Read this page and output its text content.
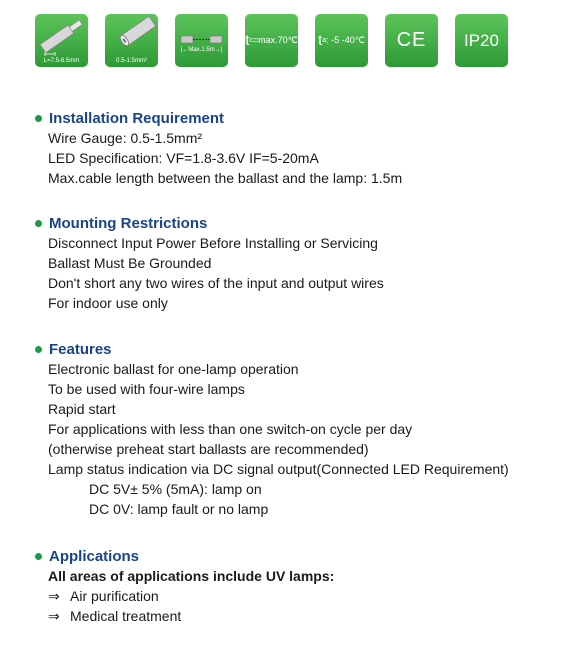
L=7.5-8.5mm	0.5-1.5mm²
|←Max.1.5m→|
t c =max.70℃ t a : -5 -40℃	CE	IP20
Installation Requirement
Wire Gauge: 0.5-1.5mm²
LED Specification: VF=1.8-3.6V IF=5-20mA
Max.cable length between the ballast and the lamp: 1.5m
Mounting Restrictions
Disconnect Input Power Before Installing or Servicing
Ballast Must Be Grounded
Don't short any two wires of the input and output wires
For indoor use only
Features
Electronic ballast for one-lamp operation
To be used with four-wire lamps
Rapid start
For applications with less than one switch-on cycle per day
(otherwise preheat start ballasts are recommended)
Lamp status indication via DC signal output(Connected LED Requirement)
DC 5V± 5% (5mA): lamp on
DC 0V: lamp fault or no lamp
Applications
All areas of applications include UV lamps:
⇒ Air purification
⇒ Medical treatment
